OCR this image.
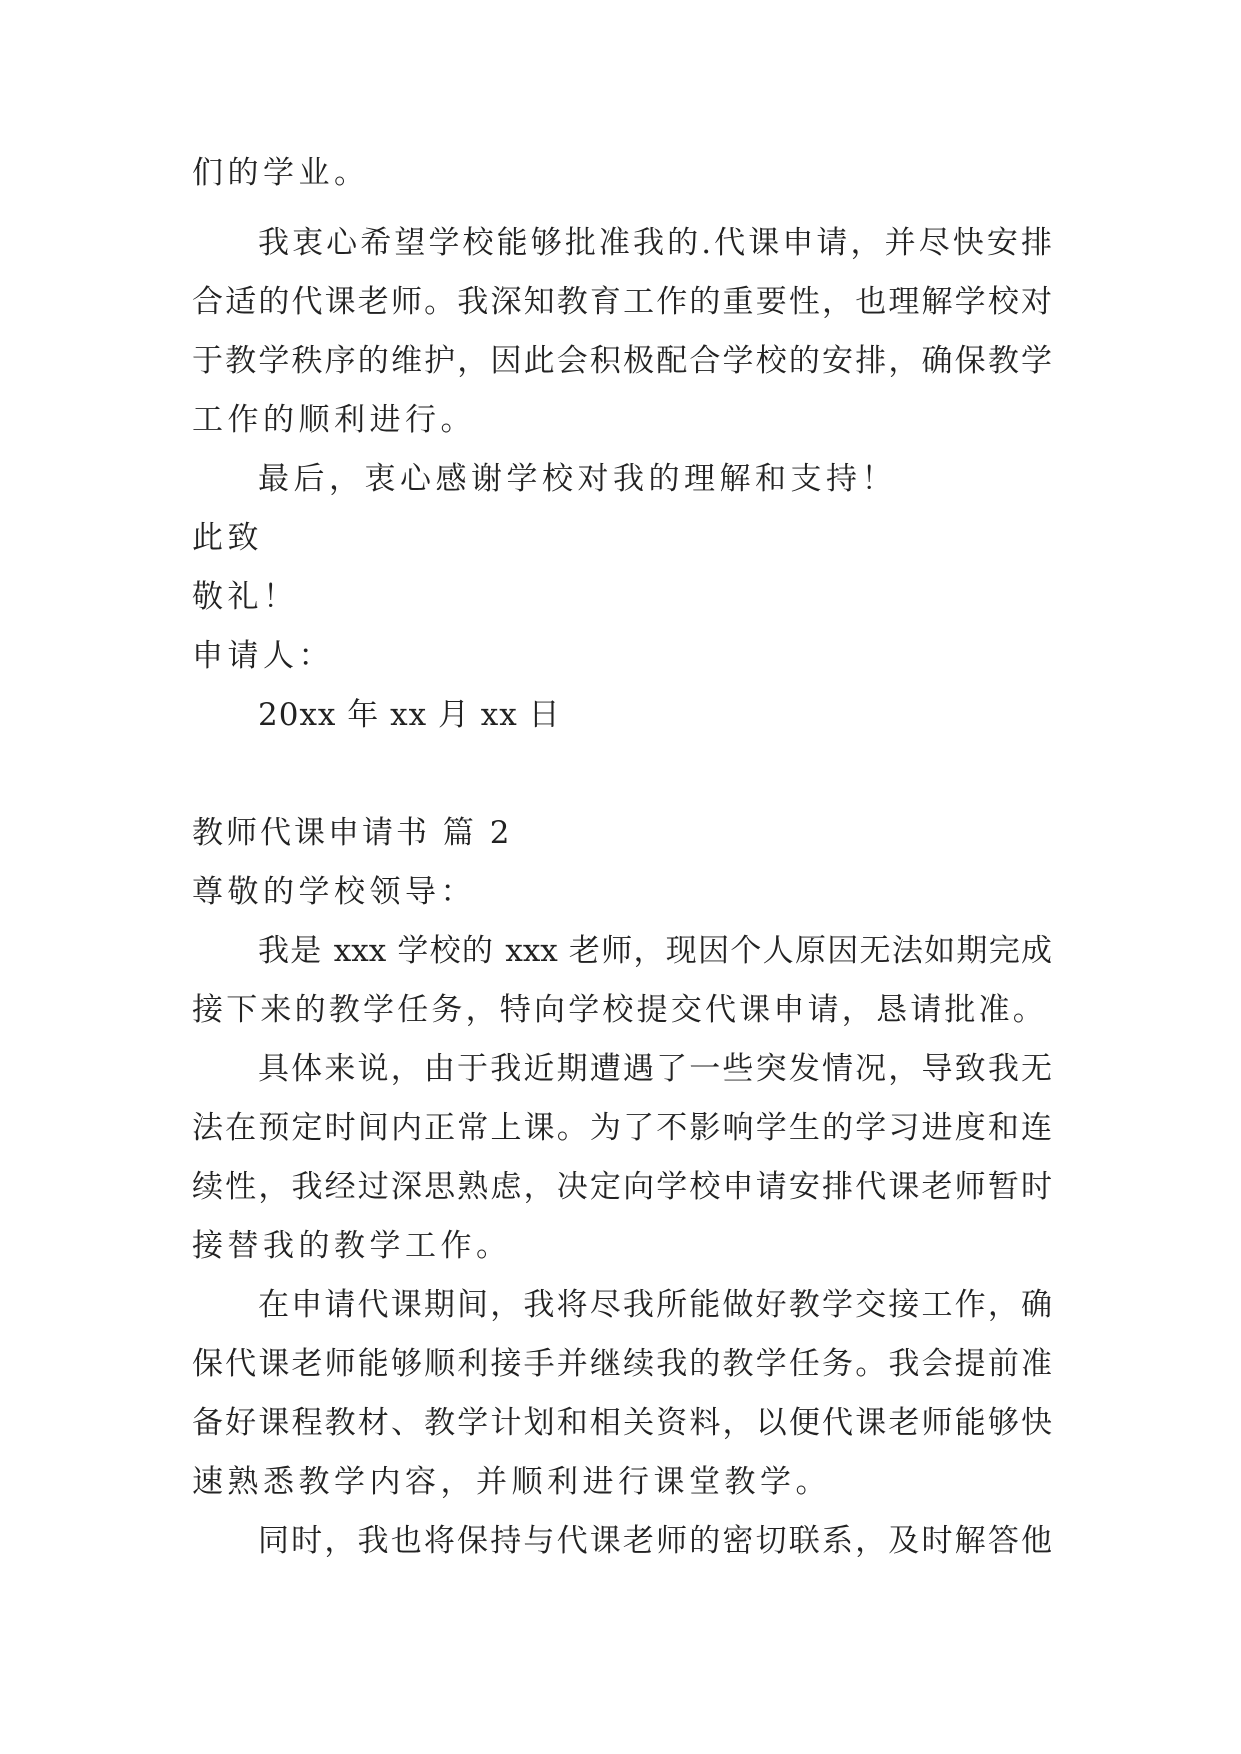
们的学业。
我衷心希望学校能够批准我的.代课申请，并尽快安排
合适的代课老师。我深知教育工作的重要性，也理解学校对
于教学秩序的维护，因此会积极配合学校的安排，确保教学
工作的顺利进行。
最后，衷心感谢学校对我的理解和支持！
此致
敬礼！
申请人：
20xx 年 xx 月 xx 日
教师代课申请书 篇 2
尊敬的学校领导：
我是 xxx 学校的 xxx 老师，现因个人原因无法如期完成
接下来的教学任务，特向学校提交代课申请，恳请批准。
具体来说，由于我近期遭遇了一些突发情况，导致我无
法在预定时间内正常上课。为了不影响学生的学习进度和连
续性，我经过深思熟虑，决定向学校申请安排代课老师暂时
接替我的教学工作。
在申请代课期间，我将尽我所能做好教学交接工作，确
保代课老师能够顺利接手并继续我的教学任务。我会提前准
备好课程教材、教学计划和相关资料，以便代课老师能够快
速熟悉教学内容，并顺利进行课堂教学。
同时，我也将保持与代课老师的密切联系，及时解答他
